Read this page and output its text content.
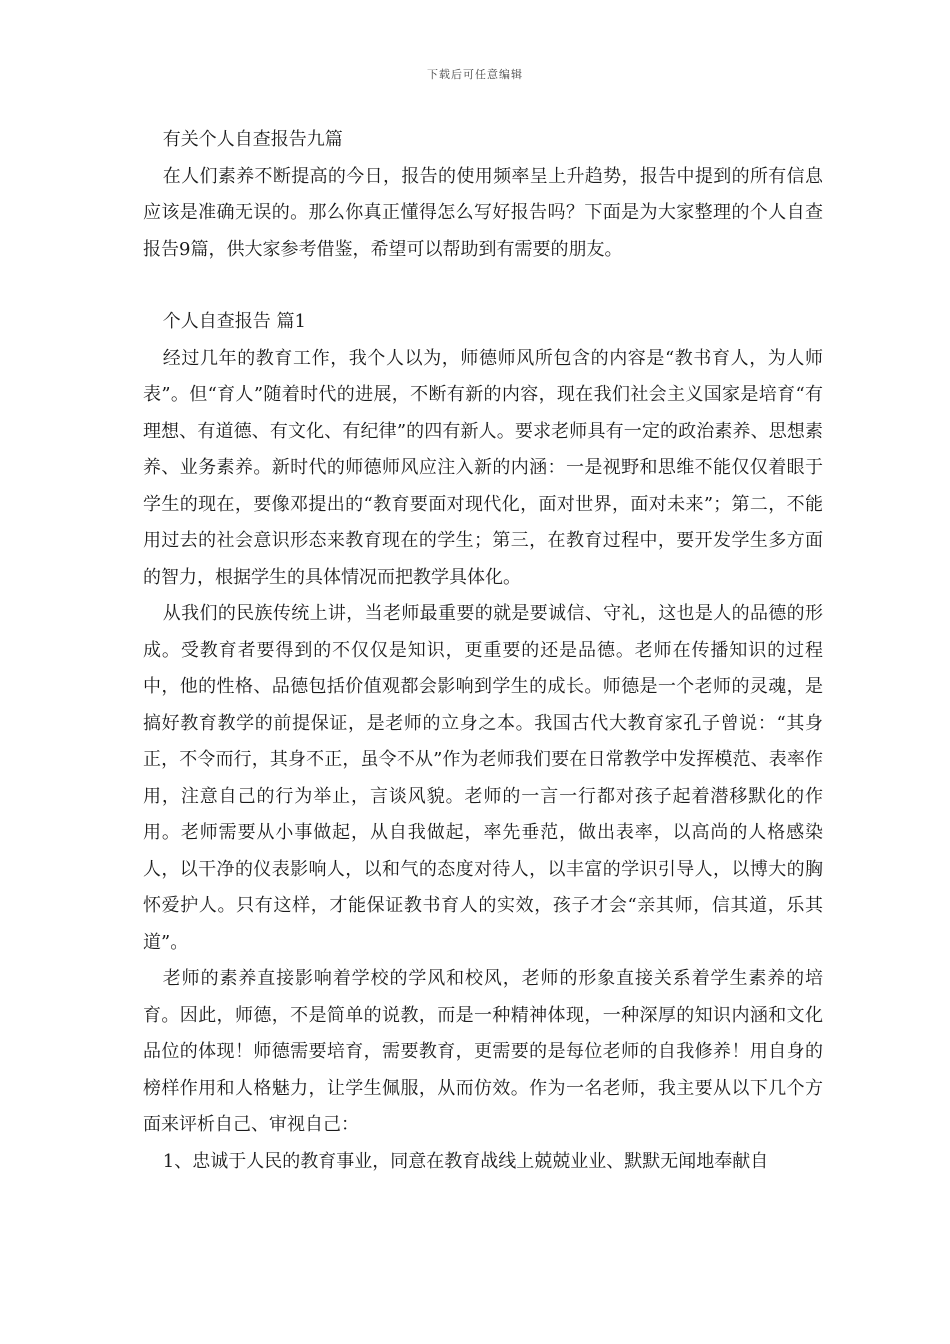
下载后可任意编辑

有关个人自查报告九篇

在人们素养不断提高的今日，报告的使用频率呈上升趋势，报告中提到的所有信息应该是准确无误的。那么你真正懂得怎么写好报告吗？下面是为大家整理的个人自查报告9篇，供大家参考借鉴，希望可以帮助到有需要的朋友。

个人自查报告 篇1

经过几年的教育工作，我个人以为，师德师风所包含的内容是“教书育人，为人师表”。但“育人”随着时代的进展，不断有新的内容，现在我们社会主义国家是培育“有理想、有道德、有文化、有纪律”的四有新人。要求老师具有一定的政治素养、思想素养、业务素养。新时代的师德师风应注入新的内涵：一是视野和思维不能仅仅着眼于学生的现在，要像邓提出的“教育要面对现代化，面对世界，面对未来”；第二，不能用过去的社会意识形态来教育现在的学生；第三，在教育过程中，要开发学生多方面的智力，根据学生的具体情况而把教学具体化。

从我们的民族传统上讲，当老师最重要的就是要诚信、守礼，这也是人的品德的形成。受教育者要得到的不仅仅是知识，更重要的还是品德。老师在传播知识的过程中，他的性格、品德包括价值观都会影响到学生的成长。师德是一个老师的灵魂，是搞好教育教学的前提保证，是老师的立身之本。我国古代大教育家孔子曾说：“其身正，不令而行，其身不正，虽令不从”作为老师我们要在日常教学中发挥模范、表率作用，注意自己的行为举止，言谈风貌。老师的一言一行都对孩子起着潜移默化的作用。老师需要从小事做起，从自我做起，率先垂范，做出表率，以高尚的人格感染人，以干净的仪表影响人，以和气的态度对待人，以丰富的学识引导人，以博大的胸怀爱护人。只有这样，才能保证教书育人的实效，孩子才会“亲其师，信其道，乐其道”。

老师的素养直接影响着学校的学风和校风，老师的形象直接关系着学生素养的培育。因此，师德，不是简单的说教，而是一种精神体现，一种深厚的知识内涵和文化品位的体现！师德需要培育，需要教育，更需要的是每位老师的自我修养！用自身的榜样作用和人格魅力，让学生佩服，从而仿效。作为一名老师，我主要从以下几个方面来评析自己、审视自己：

1、忠诚于人民的教育事业，同意在教育战线上兢兢业业、默默无闻地奉献自
